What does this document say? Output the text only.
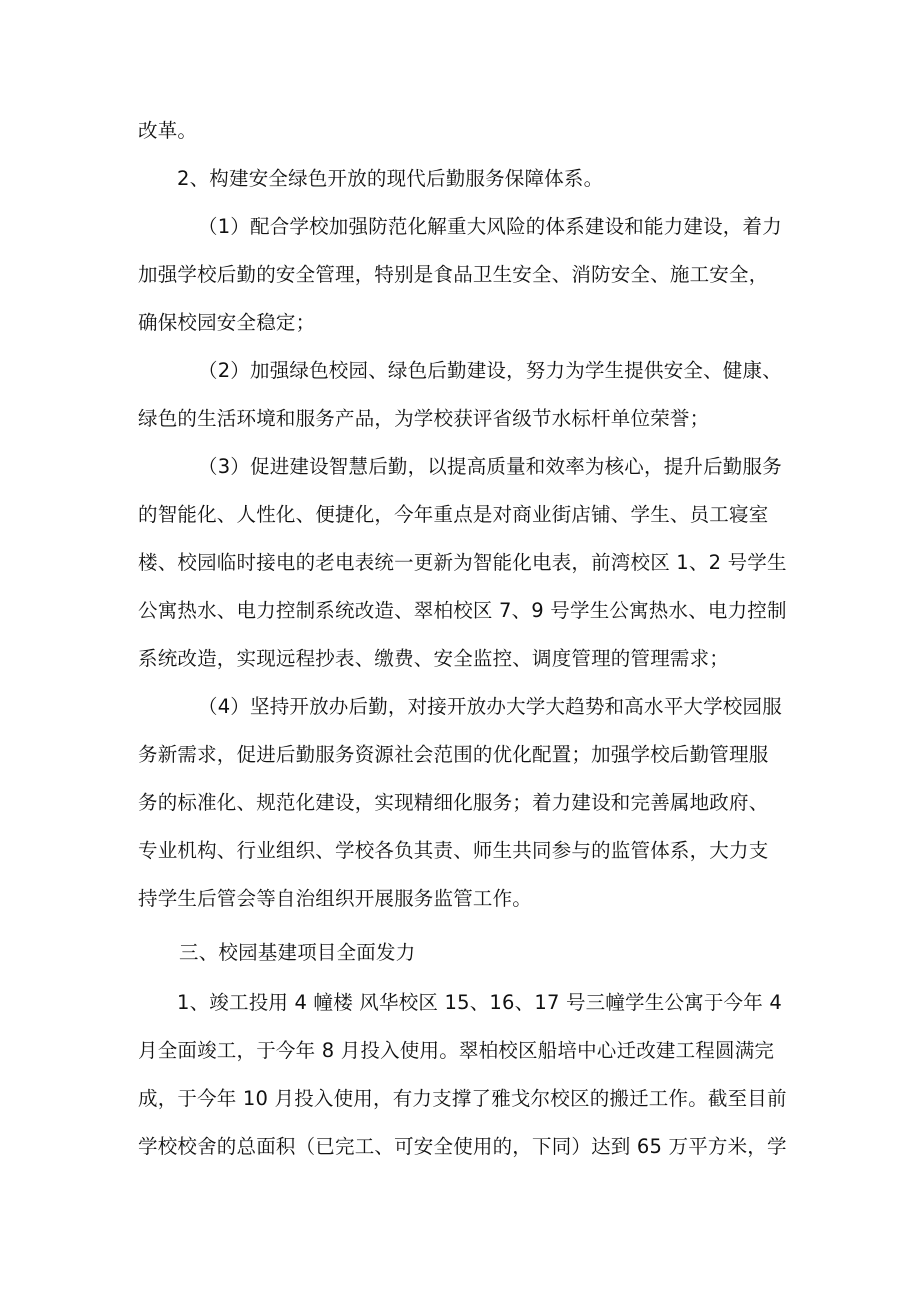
改革。
2、构建安全绿色开放的现代后勤服务保障体系。
（1）配合学校加强防范化解重大风险的体系建设和能力建设，着力
加强学校后勤的安全管理，特别是食品卫生安全、消防安全、施工安全，
确保校园安全稳定；
（2）加强绿色校园、绿色后勤建设，努力为学生提供安全、健康、
绿色的生活环境和服务产品，为学校获评省级节水标杆单位荣誉；
（3）促进建设智慧后勤，以提高质量和效率为核心，提升后勤服务
的智能化、人性化、便捷化，今年重点是对商业街店铺、学生、员工寝室
楼、校园临时接电的老电表统一更新为智能化电表，前湾校区 1、2 号学生
公寓热水、电力控制系统改造、翠柏校区 7、9 号学生公寓热水、电力控制
系统改造，实现远程抄表、缴费、安全监控、调度管理的管理需求；
（4）坚持开放办后勤，对接开放办大学大趋势和高水平大学校园服
务新需求，促进后勤服务资源社会范围的优化配置；加强学校后勤管理服
务的标准化、规范化建设，实现精细化服务；着力建设和完善属地政府、
专业机构、行业组织、学校各负其责、师生共同参与的监管体系，大力支
持学生后管会等自治组织开展服务监管工作。
三、校园基建项目全面发力
1、竣工投用 4 幢楼 风华校区 15、16、17 号三幢学生公寓于今年 4
月全面竣工，于今年 8 月投入使用。翠柏校区船培中心迁改建工程圆满完
成，于今年 10 月投入使用，有力支撑了雅戈尔校区的搬迁工作。截至目前
学校校舍的总面积（已完工、可安全使用的，下同）达到 65 万平方米，学
